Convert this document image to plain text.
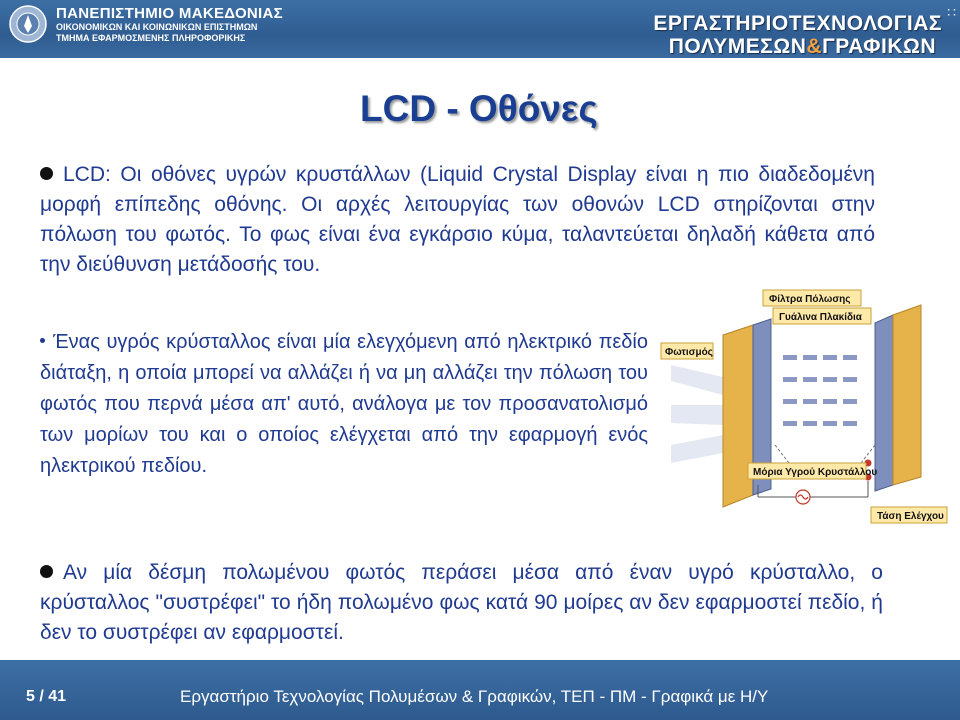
ΠΑΝΕΠΙΣΤΗΜΙΟ ΜΑΚΕΔΟΝΙΑΣ
ΟΙΚΟΝΟΜΙΚΩΝ ΚΑΙ ΚΟΙΝΩΝΙΚΩΝ ΕΠΙΣΤΗΜΩΝ
ΤΜΗΜΑ ΕΦΑΡΜΟΣΜΕΝΗΣ ΠΛΗΡΟΦΟΡΙΚΗΣ
ΕΡΓΑΣΤΗΡΙΟΤΕΧΝΟΛΟΓΙΑΣ
ΠΟΛΥΜΕΣΩΝ&ΓΡΑΦΙΚΩΝ
∷
LCD - Οθόνες
LCD: Οι οθόνες υγρών κρυστάλλων (Liquid Crystal Display είναι η πιο διαδεδομένη μορφή επίπεδης οθόνης. Οι αρχές λειτουργίας των οθονών LCD στηρίζονται στην πόλωση του φωτός. Το φως είναι ένα εγκάρσιο κύμα, ταλαντεύεται δηλαδή κάθετα από την διεύθυνση μετάδοσής του.
Ένας υγρός κρύσταλλος είναι μία ελεγχόμενη από ηλεκτρικό πεδίο διάταξη, η οποία μπορεί να αλλάζει ή να μη αλλάζει την πόλωση του φωτός που περνά μέσα απ' αυτό, ανάλογα με τον προσανατολισμό των μορίων του και ο οποίος ελέγχεται από την εφαρμογή ενός ηλεκτρικού πεδίου.
Φίλτρα Πόλωσης
Γυάλινα Πλακίδια
Φωτισμός
Μόρια Υγρού Κρυστάλλου
Τάση Ελέγχου
Αν μία δέσμη πολωμένου φωτός περάσει μέσα από έναν υγρό κρύσταλλο, ο κρύσταλλος "συστρέφει" το ήδη πολωμένο φως κατά 90 μοίρες αν δεν εφαρμοστεί πεδίο, ή δεν το συστρέφει αν εφαρμοστεί.
5 / 41	Εργαστήριο Τεχνολογίας Πολυμέσων & Γραφικών, ΤΕΠ - ΠΜ - Γραφικά με Η/Υ
